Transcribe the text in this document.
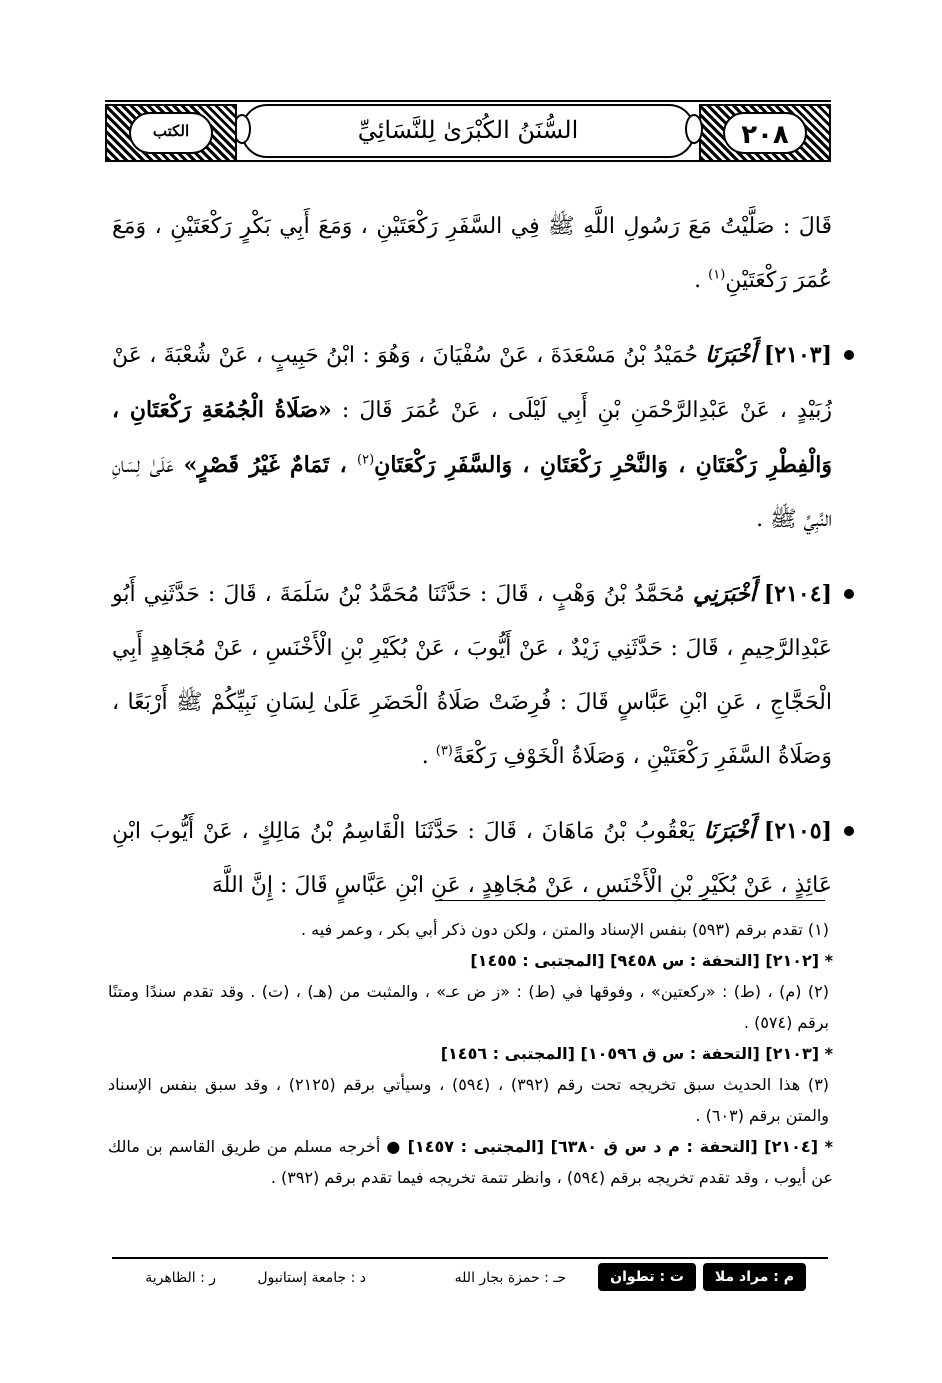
٢٠٨
السُّنَنُ الكُبْرَىٰ لِلنَّسَائِيِّ
الكتب

قَالَ : صَلَّيْتُ مَعَ رَسُولِ اللَّهِ ﷺ فِي السَّفَرِ رَكْعَتَيْنِ ، وَمَعَ أَبِي بَكْرٍ رَكْعَتَيْنِ ، وَمَعَ عُمَرَ رَكْعَتَيْنِ$^{(١)}$ .

[٢١٠٣] أَخْبَرَنَا حُمَيْدُ بْنُ مَسْعَدَةَ ، عَنْ سُفْيَانَ ، وَهُوَ : ابْنُ حَبِيبٍ ، عَنْ شُعْبَةَ ، عَنْ زُبَيْدٍ ، عَنْ عَبْدِالرَّحْمَنِ بْنِ أَبِي لَيْلَى ، عَنْ عُمَرَ قَالَ : «صَلَاةُ الْجُمُعَةِ رَكْعَتَانِ ، وَالْفِطْرِ رَكْعَتَانِ ، وَالنَّحْرِ رَكْعَتَانِ ، وَالسَّفَرِ رَكْعَتَانِ$^{(٢)}$ ، تَمَامٌ غَيْرُ قَصْرٍ» عَلَىٰ لِسَانِ النَّبِيِّ ﷺ .

[٢١٠٤] أَخْبَرَنِي مُحَمَّدُ بْنُ وَهْبٍ ، قَالَ : حَدَّثَنَا مُحَمَّدُ بْنُ سَلَمَةَ ، قَالَ : حَدَّثَنِي أَبُو عَبْدِالرَّحِيمِ ، قَالَ : حَدَّثَنِي زَيْدٌ ، عَنْ أَيُّوبَ ، عَنْ بُكَيْرِ بْنِ الْأَخْنَسِ ، عَنْ مُجَاهِدٍ أَبِي الْحَجَّاجِ ، عَنِ ابْنِ عَبَّاسٍ قَالَ : فُرِضَتْ صَلَاةُ الْحَضَرِ عَلَىٰ لِسَانِ نَبِيِّكُمْ ﷺ أَرْبَعًا ، وَصَلَاةُ السَّفَرِ رَكْعَتَيْنِ ، وَصَلَاةُ الْخَوْفِ رَكْعَةً$^{(٣)}$ .

[٢١٠٥] أَخْبَرَنَا يَعْقُوبُ بْنُ مَاهَانَ ، قَالَ : حَدَّثَنَا الْقَاسِمُ بْنُ مَالِكٍ ، عَنْ أَيُّوبَ ابْنِ عَائِذٍ ، عَنْ بُكَيْرِ بْنِ الْأَخْنَسِ ، عَنْ مُجَاهِدٍ ، عَنِ ابْنِ عَبَّاسٍ قَالَ : إِنَّ اللَّهَ

(١) تقدم برقم (٥٩٣) بنفس الإسناد والمتن ، ولكن دون ذكر أبي بكر ، وعمر فيه .

* [٢١٠٢] [التحفة : س ٩٤٥٨] [المجتبى : ١٤٥٥]

(٢) (م) ، (ط) : «ركعتين» ، وفوقها في (ط) : «ز ض عـ» ، والمثبت من (هـ) ، (ت) . وقد تقدم سندًا ومتنًا برقم (٥٧٤) .

* [٢١٠٣] [التحفة : س ق ١٠٥٩٦] [المجتبى : ١٤٥٦]

(٣) هذا الحديث سبق تخريجه تحت رقم (٣٩٢) ، (٥٩٤) ، وسيأتي برقم (٢١٢٥) ، وقد سبق بنفس الإسناد والمتن برقم (٦٠٣) .

* [٢١٠٤] [التحفة : م د س ق ٦٣٨٠] [المجتبى : ١٤٥٧] ● أخرجه مسلم من طريق القاسم بن مالك عن أيوب ، وقد تقدم تخريجه برقم (٥٩٤) ، وانظر تتمة تخريجه فيما تقدم برقم (٣٩٢) .

م : مراد ملا
ت : تطوان
حـ : حمزة بجار الله
د : جامعة إستانبول
ر : الظاهرية
